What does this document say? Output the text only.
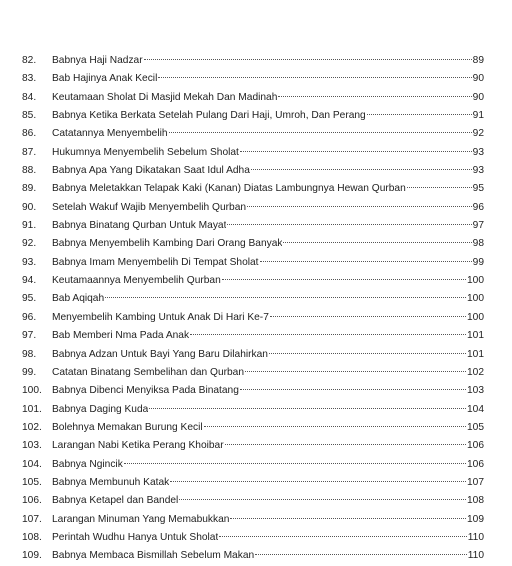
82.	Babnya Haji Nadzar	89
83.	Bab Hajinya Anak Kecil	90
84.	Keutamaan Sholat Di Masjid Mekah Dan Madinah	90
85.	Babnya Ketika Berkata Setelah Pulang Dari Haji, Umroh, Dan Perang	91
86.	Catatannya Menyembelih	92
87.	Hukumnya Menyembelih Sebelum Sholat	93
88.	Babnya Apa Yang Dikatakan Saat Idul Adha	93
89.	Babnya Meletakkan Telapak Kaki (Kanan) Diatas Lambungnya Hewan Qurban	95
90.	Setelah Wakuf Wajib Menyembelih Qurban	96
91.	Babnya Binatang Qurban Untuk Mayat	97
92.	Babnya Menyembelih Kambing Dari Orang Banyak	98
93.	Babnya Imam Menyembelih Di Tempat Sholat	99
94.	Keutamaannya Menyembelih Qurban	100
95.	Bab Aqiqah	100
96.	Menyembelih Kambing Untuk Anak Di Hari Ke-7	100
97.	Bab Memberi Nma Pada Anak	101
98.	Babnya Adzan Untuk Bayi Yang Baru Dilahirkan	101
99.	Catatan Binatang Sembelihan dan Qurban	102
100. Babnya Dibenci Menyiksa Pada Binatang	103
101. Babnya Daging Kuda	104
102. Bolehnya Memakan Burung Kecil	105
103. Larangan Nabi Ketika Perang Khoibar	106
104. Babnya Ngincik	106
105. Babnya Membunuh Katak	107
106. Babnya Ketapel dan Bandel	108
107. Larangan Minuman Yang Memabukkan	109
108. Perintah Wudhu Hanya Untuk Sholat	110
109. Babnya Membaca Bismillah Sebelum Makan	110
